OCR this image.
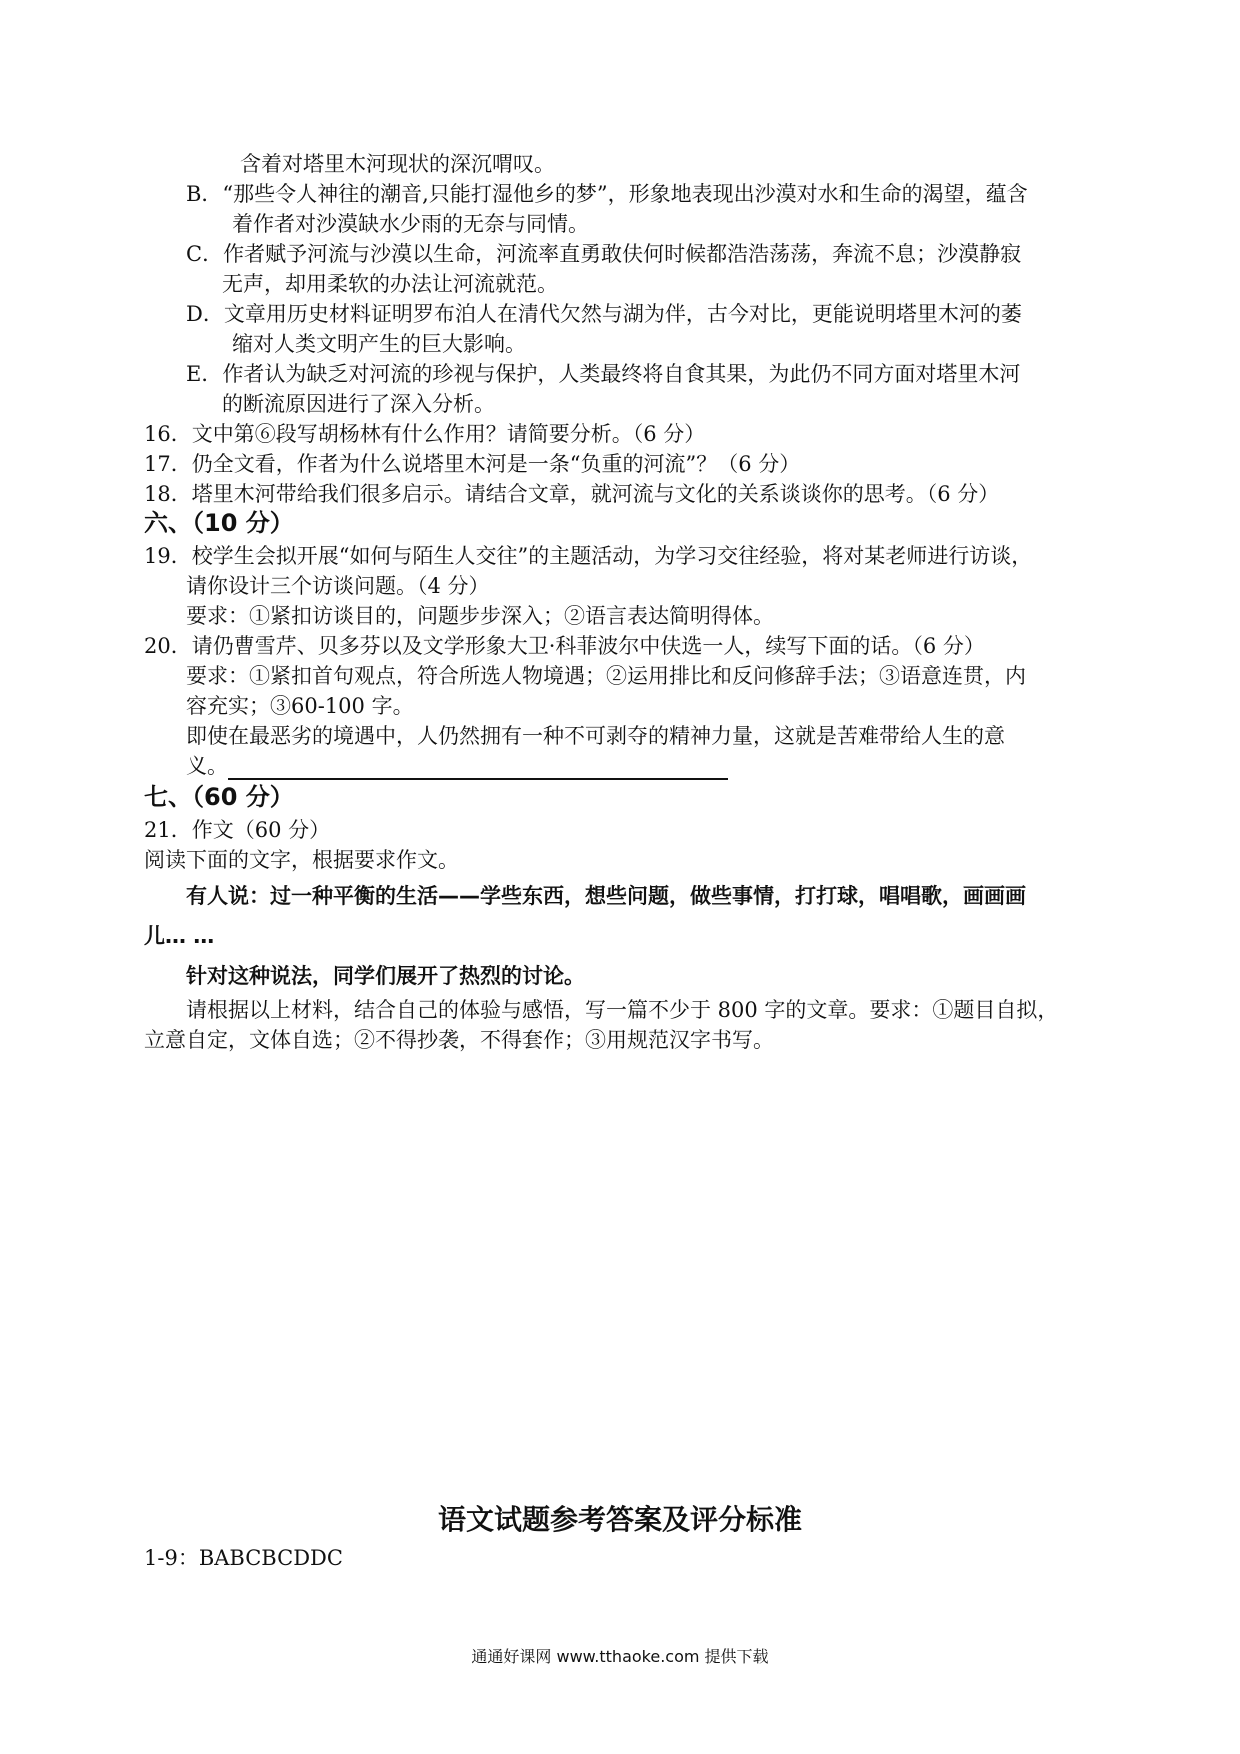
含着对塔里木河现状的深沉喟叹。
B．“那些令人神往的潮音,只能打湿他乡的梦”，形象地表现出沙漠对水和生命的渴望，蕴含
着作者对沙漠缺水少雨的无奈与同情。
C．作者赋予河流与沙漠以生命，河流率直勇敢伕何时候都浩浩荡荡，奔流不息；沙漠静寂
无声，却用柔软的办法让河流就范。
D．文章用历史材料证明罗布泊人在清代欠然与湖为伴，古今对比，更能说明塔里木河的萎
缩对人类文明产生的巨大影响。
E．作者认为缺乏对河流的珍视与保护，人类最终将自食其果，为此仍不同方面对塔里木河
的断流原因进行了深入分析。
16．文中第⑥段写胡杨林有什么作用？请简要分析。（6 分）
17．仍全文看，作者为什么说塔里木河是一条“负重的河流”？（6 分）
18．塔里木河带给我们很多启示。请结合文章，就河流与文化的关系谈谈你的思考。（6 分）
六、（10 分）
19．校学生会拟开展“如何与陌生人交往”的主题活动，为学习交往经验，将对某老师进行访谈，
请你设计三个访谈问题。（4 分）
要求：①紧扣访谈目的，问题步步深入；②语言表达简明得体。
20．请仍曹雪芹、贝多芬以及文学形象大卫·科菲波尔中伕选一人，续写下面的话。（6 分）
要求：①紧扣首句观点，符合所选人物境遇；②运用排比和反问修辞手法；③语意连贯，内
容充实；③60-100 字。
即使在最恶劣的境遇中，人仍然拥有一种不可剥夺的精神力量，这就是苦难带给人生的意
义。
七、（60 分）
21．作文（60 分）
阅读下面的文字，根据要求作文。
有人说：过一种平衡的生活——学些东西，想些问题，做些事情，打打球，唱唱歌，画画画
儿… …
针对这种说法，同学们展开了热烈的讨论。
请根据以上材料，结合自己的体验与感悟，写一篇不少于 800 字的文章。要求：①题目自拟，
立意自定，文体自选；②不得抄袭，不得套作；③用规范汉字书写。
语文试题参考答案及评分标准
1-9：BABCBCDDC
通通好课网 www.tthaoke.com 提供下载
